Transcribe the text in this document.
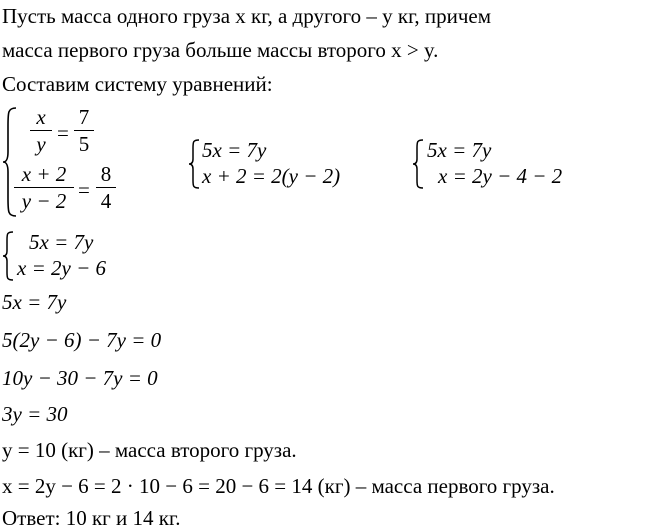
Пусть масса одного груза x кг, а другого – y кг, причем
масса первого груза больше массы второго x > y.
Составим систему уравнений:
x
y =
7
5
x + 2
y − 2 =
8
4
5x = 7y
x + 2 = 2(y − 2)
5x = 7y
x = 2y − 4 − 2
5x = 7y
x = 2y − 6
5x = 7y
5(2y − 6) − 7y = 0
10y − 30 − 7y = 0
3y = 30
y = 10 (кг) – масса второго груза.
x = 2y − 6 = 2 · 10 − 6 = 20 − 6 = 14 (кг) – масса первого груза.
Ответ: 10 кг и 14 кг.
